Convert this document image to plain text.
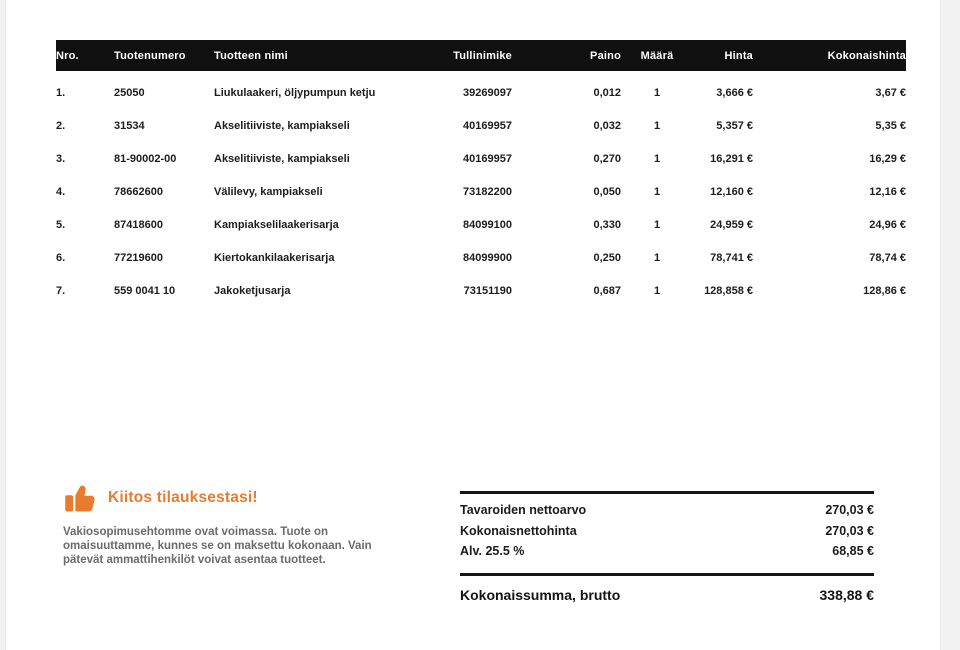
Nro.	Tuotenumero	Tuotteen nimi	Tullinimike	Paino	Määrä	Hinta	Kokonaishinta
1.	25050	Liukulaakeri, öljypumpun ketju	39269097	0,012	1	3,666 €	3,67 €
2.	31534	Akselitiiviste, kampiakseli	40169957	0,032	1	5,357 €	5,35 €
3.	81-90002-00	Akselitiiviste, kampiakseli	40169957	0,270	1	16,291 €	16,29 €
4.	78662600	Välilevy, kampiakseli	73182200	0,050	1	12,160 €	12,16 €
5.	87418600	Kampiakselilaakerisarja	84099100	0,330	1	24,959 €	24,96 €
6.	77219600	Kiertokankilaakerisarja	84099900	0,250	1	78,741 €	78,74 €
7.	559 0041 10	Jakoketjusarja	73151190	0,687	1	128,858 €	128,86 €
Kiitos tilauksestasi!
Vakiosopimusehtomme ovat voimassa. Tuote on omaisuuttamme, kunnes se on maksettu kokonaan. Vain pätevät ammattihenkilöt voivat asentaa tuotteet.
Tavaroiden nettoarvo	270,03 €
Kokonaisnettohinta	270,03 €
Alv. 25.5 %	68,85 €
Kokonaissumma, brutto	338,88 €
